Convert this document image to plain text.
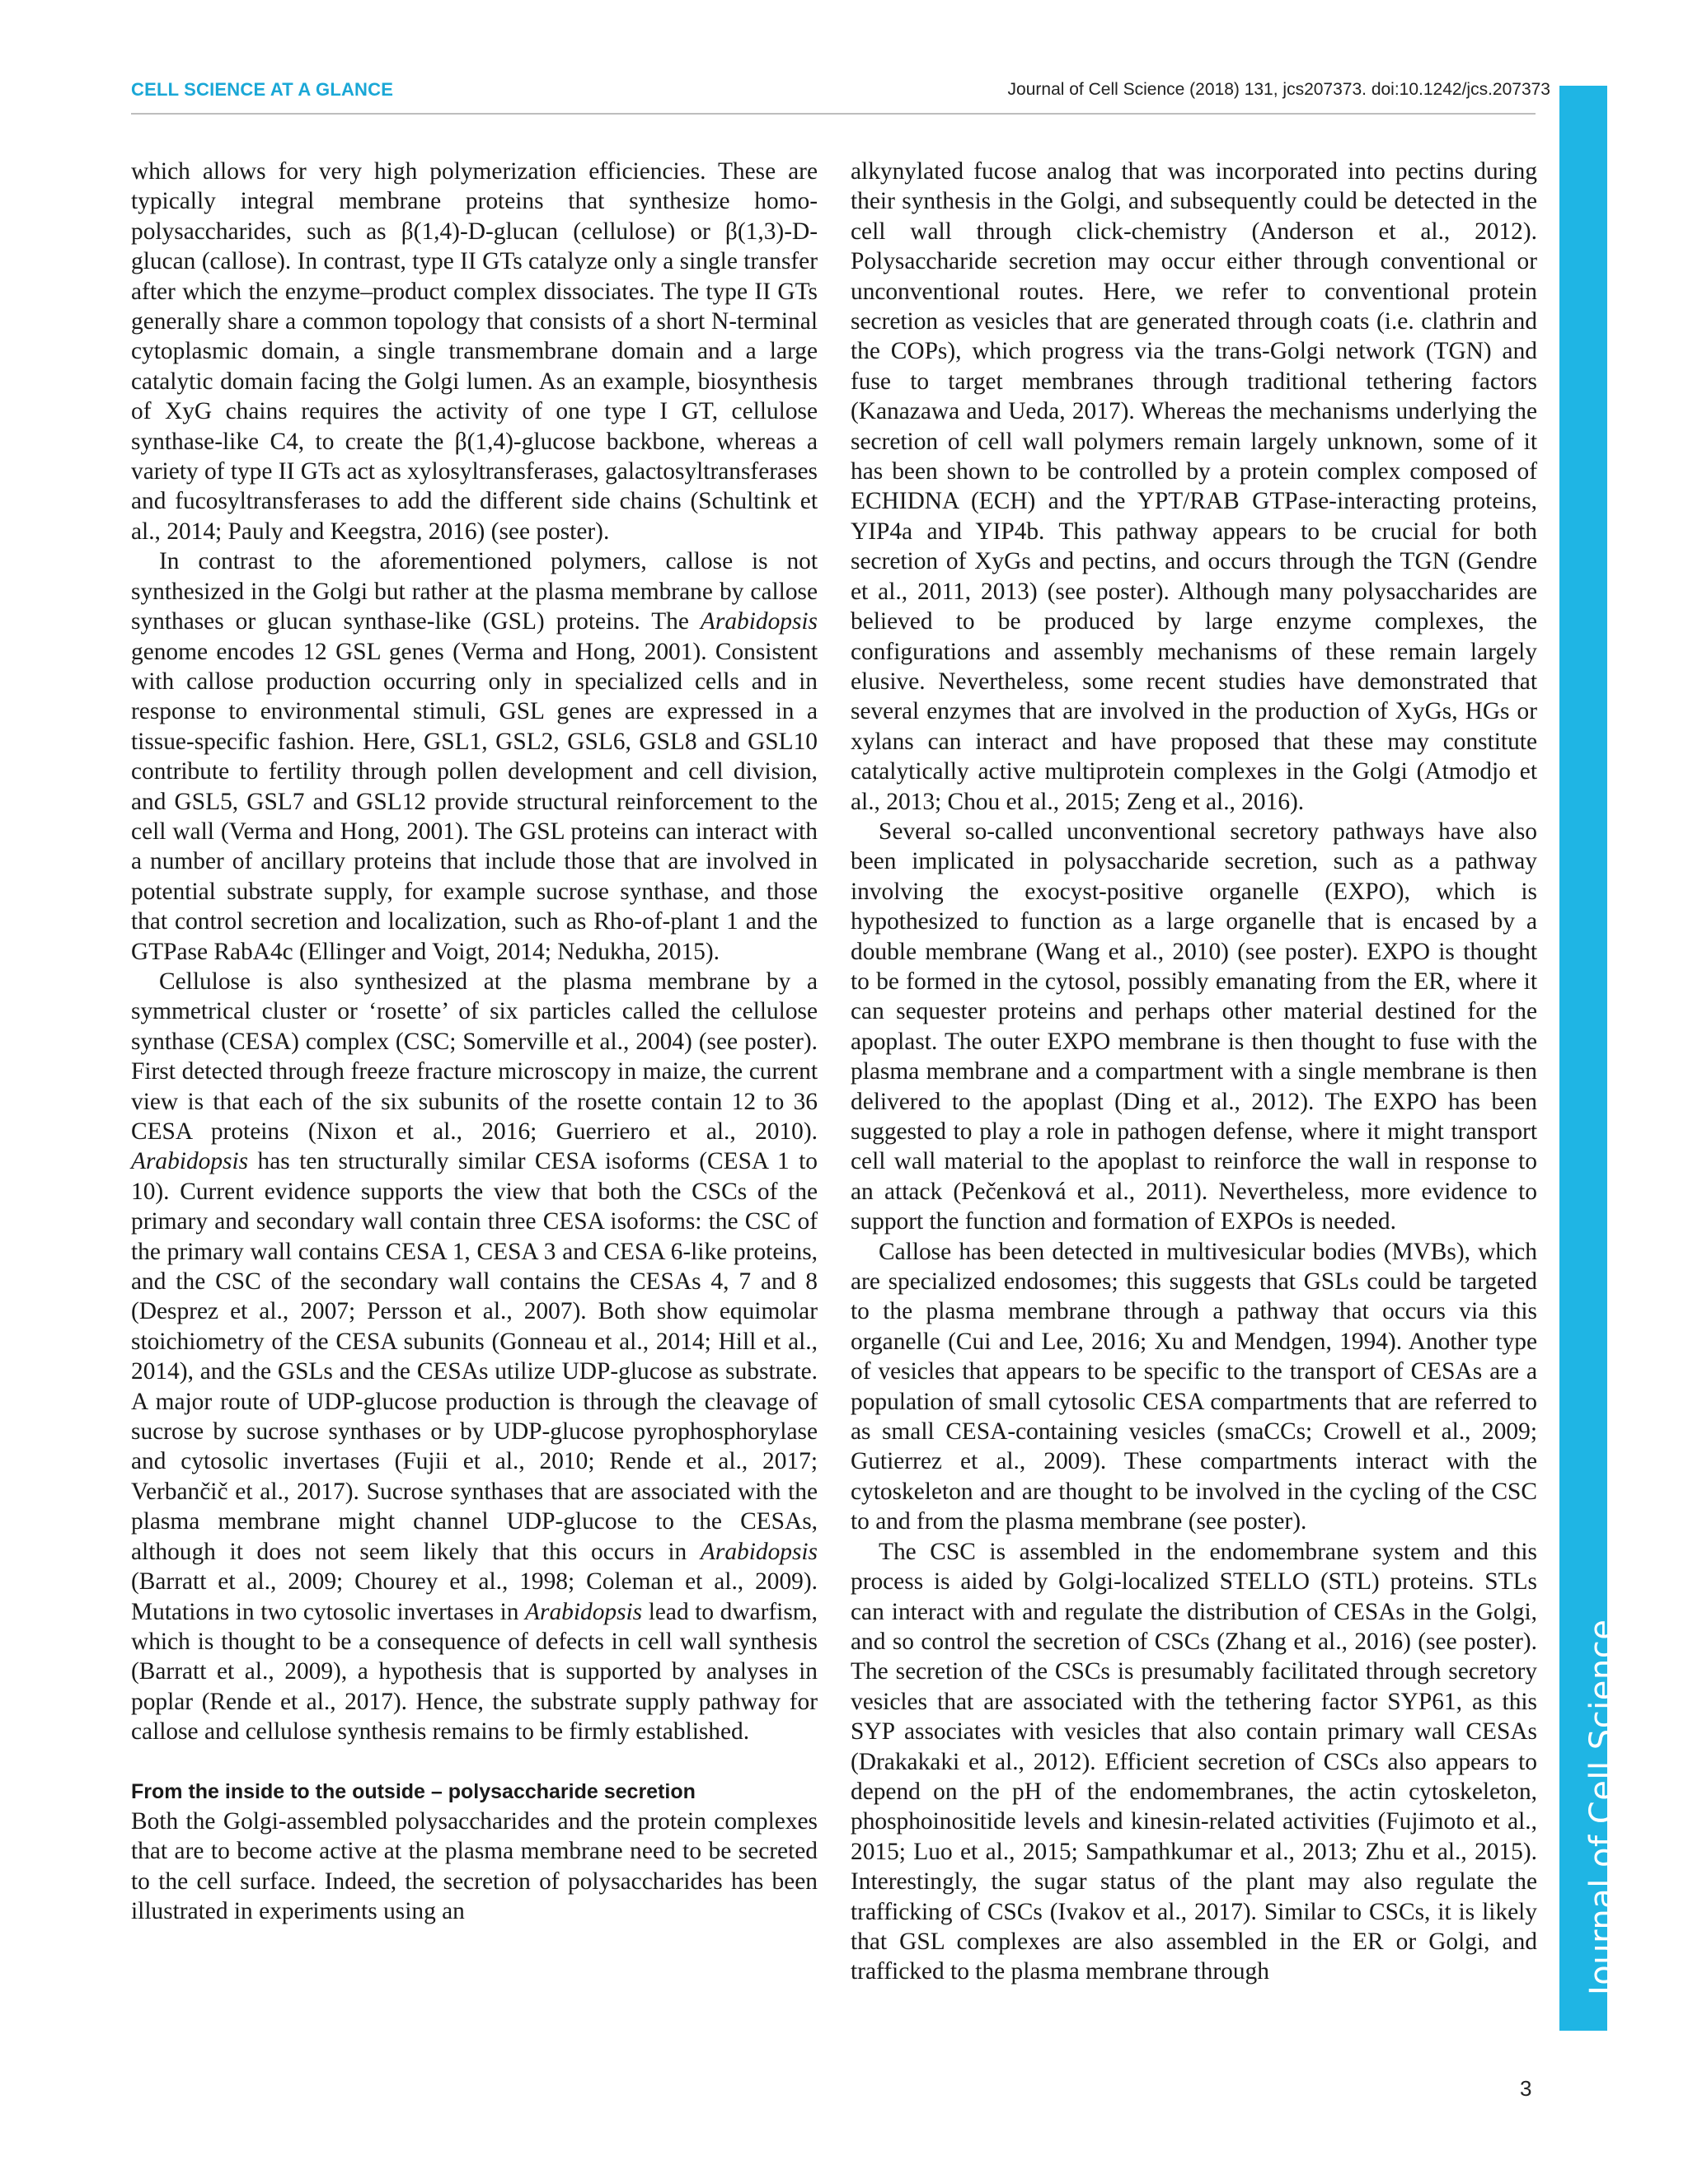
CELL SCIENCE AT A GLANCE	Journal of Cell Science (2018) 131, jcs207373. doi:10.1242/jcs.207373

which allows for very high polymerization efficiencies. These are typically integral membrane proteins that synthesize homo-polysaccharides, such as β(1,4)-D-glucan (cellulose) or β(1,3)-D-glucan (callose). In contrast, type II GTs catalyze only a single transfer after which the enzyme–product complex dissociates. The type II GTs generally share a common topology that consists of a short N-terminal cytoplasmic domain, a single transmembrane domain and a large catalytic domain facing the Golgi lumen. As an example, biosynthesis of XyG chains requires the activity of one type I GT, cellulose synthase-like C4, to create the β(1,4)-glucose backbone, whereas a variety of type II GTs act as xylosyltransferases, galactosyltransferases and fucosyltransferases to add the different side chains (Schultink et al., 2014; Pauly and Keegstra, 2016) (see poster).

In contrast to the aforementioned polymers, callose is not synthesized in the Golgi but rather at the plasma membrane by callose synthases or glucan synthase-like (GSL) proteins. The Arabidopsis genome encodes 12 GSL genes (Verma and Hong, 2001). Consistent with callose production occurring only in specialized cells and in response to environmental stimuli, GSL genes are expressed in a tissue-specific fashion. Here, GSL1, GSL2, GSL6, GSL8 and GSL10 contribute to fertility through pollen development and cell division, and GSL5, GSL7 and GSL12 provide structural reinforcement to the cell wall (Verma and Hong, 2001). The GSL proteins can interact with a number of ancillary proteins that include those that are involved in potential substrate supply, for example sucrose synthase, and those that control secretion and localization, such as Rho-of-plant 1 and the GTPase RabA4c (Ellinger and Voigt, 2014; Nedukha, 2015).

Cellulose is also synthesized at the plasma membrane by a symmetrical cluster or ‘rosette’ of six particles called the cellulose synthase (CESA) complex (CSC; Somerville et al., 2004) (see poster). First detected through freeze fracture microscopy in maize, the current view is that each of the six subunits of the rosette contain 12 to 36 CESA proteins (Nixon et al., 2016; Guerriero et al., 2010). Arabidopsis has ten structurally similar CESA isoforms (CESA 1 to 10). Current evidence supports the view that both the CSCs of the primary and secondary wall contain three CESA isoforms: the CSC of the primary wall contains CESA 1, CESA 3 and CESA 6-like proteins, and the CSC of the secondary wall contains the CESAs 4, 7 and 8 (Desprez et al., 2007; Persson et al., 2007). Both show equimolar stoichiometry of the CESA subunits (Gonneau et al., 2014; Hill et al., 2014), and the GSLs and the CESAs utilize UDP-glucose as substrate. A major route of UDP-glucose production is through the cleavage of sucrose by sucrose synthases or by UDP-glucose pyrophosphorylase and cytosolic invertases (Fujii et al., 2010; Rende et al., 2017; Verbančič et al., 2017). Sucrose synthases that are associated with the plasma membrane might channel UDP-glucose to the CESAs, although it does not seem likely that this occurs in Arabidopsis (Barratt et al., 2009; Chourey et al., 1998; Coleman et al., 2009). Mutations in two cytosolic invertases in Arabidopsis lead to dwarfism, which is thought to be a consequence of defects in cell wall synthesis (Barratt et al., 2009), a hypothesis that is supported by analyses in poplar (Rende et al., 2017). Hence, the substrate supply pathway for callose and cellulose synthesis remains to be firmly established.

From the inside to the outside – polysaccharide secretion

Both the Golgi-assembled polysaccharides and the protein complexes that are to become active at the plasma membrane need to be secreted to the cell surface. Indeed, the secretion of polysaccharides has been illustrated in experiments using an

alkynylated fucose analog that was incorporated into pectins during their synthesis in the Golgi, and subsequently could be detected in the cell wall through click-chemistry (Anderson et al., 2012). Polysaccharide secretion may occur either through conventional or unconventional routes. Here, we refer to conventional protein secretion as vesicles that are generated through coats (i.e. clathrin and the COPs), which progress via the trans-Golgi network (TGN) and fuse to target membranes through traditional tethering factors (Kanazawa and Ueda, 2017). Whereas the mechanisms underlying the secretion of cell wall polymers remain largely unknown, some of it has been shown to be controlled by a protein complex composed of ECHIDNA (ECH) and the YPT/RAB GTPase-interacting proteins, YIP4a and YIP4b. This pathway appears to be crucial for both secretion of XyGs and pectins, and occurs through the TGN (Gendre et al., 2011, 2013) (see poster). Although many polysaccharides are believed to be produced by large enzyme complexes, the configurations and assembly mechanisms of these remain largely elusive. Nevertheless, some recent studies have demonstrated that several enzymes that are involved in the production of XyGs, HGs or xylans can interact and have proposed that these may constitute catalytically active multiprotein complexes in the Golgi (Atmodjo et al., 2013; Chou et al., 2015; Zeng et al., 2016).

Several so-called unconventional secretory pathways have also been implicated in polysaccharide secretion, such as a pathway involving the exocyst-positive organelle (EXPO), which is hypothesized to function as a large organelle that is encased by a double membrane (Wang et al., 2010) (see poster). EXPO is thought to be formed in the cytosol, possibly emanating from the ER, where it can sequester proteins and perhaps other material destined for the apoplast. The outer EXPO membrane is then thought to fuse with the plasma membrane and a compartment with a single membrane is then delivered to the apoplast (Ding et al., 2012). The EXPO has been suggested to play a role in pathogen defense, where it might transport cell wall material to the apoplast to reinforce the wall in response to an attack (Pečenková et al., 2011). Nevertheless, more evidence to support the function and formation of EXPOs is needed.

Callose has been detected in multivesicular bodies (MVBs), which are specialized endosomes; this suggests that GSLs could be targeted to the plasma membrane through a pathway that occurs via this organelle (Cui and Lee, 2016; Xu and Mendgen, 1994). Another type of vesicles that appears to be specific to the transport of CESAs are a population of small cytosolic CESA compartments that are referred to as small CESA-containing vesicles (smaCCs; Crowell et al., 2009; Gutierrez et al., 2009). These compartments interact with the cytoskeleton and are thought to be involved in the cycling of the CSC to and from the plasma membrane (see poster).

The CSC is assembled in the endomembrane system and this process is aided by Golgi-localized STELLO (STL) proteins. STLs can interact with and regulate the distribution of CESAs in the Golgi, and so control the secretion of CSCs (Zhang et al., 2016) (see poster). The secretion of the CSCs is presumably facilitated through secretory vesicles that are associated with the tethering factor SYP61, as this SYP associates with vesicles that also contain primary wall CESAs (Drakakaki et al., 2012). Efficient secretion of CSCs also appears to depend on the pH of the endomembranes, the actin cytoskeleton, phosphoinositide levels and kinesin-related activities (Fujimoto et al., 2015; Luo et al., 2015; Sampathkumar et al., 2013; Zhu et al., 2015). Interestingly, the sugar status of the plant may also regulate the trafficking of CSCs (Ivakov et al., 2017). Similar to CSCs, it is likely that GSL complexes are also assembled in the ER or Golgi, and trafficked to the plasma membrane through	Journal of Cell Science
3
